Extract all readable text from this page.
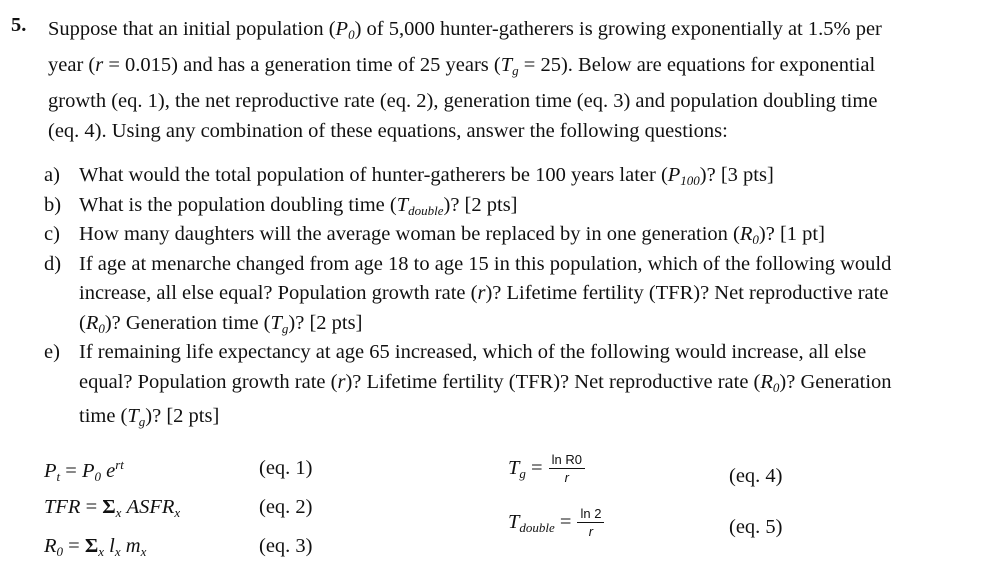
5. Suppose that an initial population $(P_0)$ of 5,000 hunter-gatherers is growing exponentially at 1.5% per
year (r = 0.015) and has a generation time of 25 years $(T_g = 25)$. Below are equations for exponential
growth (eq. 1), the net reproductive rate (eq. 2), generation time (eq. 3) and population doubling time
(eq. 4). Using any combination of these equations, answer the following questions:
a) What would the total population of hunter-gatherers be 100 years later $(P_{100})$? [3 pts]
b) What is the population doubling time $(T_{double})$? [2 pts]
c) How many daughters will the average woman be replaced by in one generation $(R_0)$? [1 pt]
d) If age at menarche changed from age 18 to age 15 in this population, which of the following would
increase, all else equal? Population growth rate (r)? Lifetime fertility (TFR)? Net reproductive rate
$(R_0)$? Generation time $(T_g)$? [2 pts]
e) If remaining life expectancy at age 65 increased, which of the following would increase, all else
equal? Population growth rate (r)? Lifetime fertility (TFR)? Net reproductive rate $(R_0)$? Generation
time $(T_g)$? [2 pts]
$P_t = P_0$ $e^{rt}$	(eq. 1)
TFR = $\Sigma_x$ $ASFR_x$	(eq. 2)
$R_0 = \Sigma_x$ $l_x$ $m_x$	(eq. 3)
$T_g = \frac{\text{ln R0}}{r}$	(eq. 4)
$T_{double} = \frac{\ln 2}{r}$	(eq. 5)
